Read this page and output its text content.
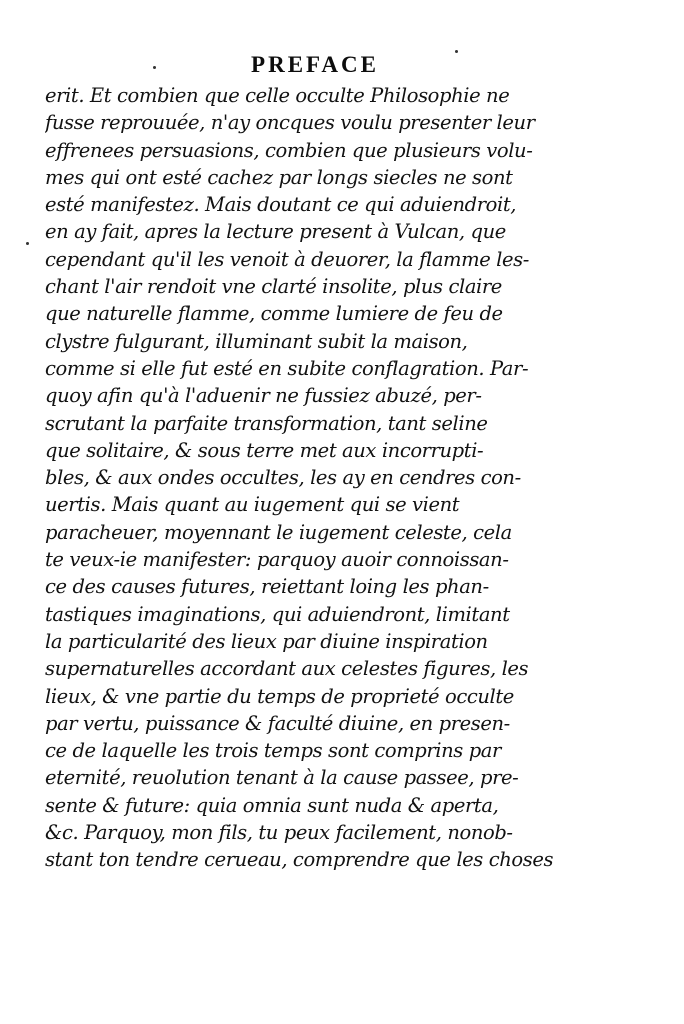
PREFACE
erit. Et combien que celle occulte Philosophie ne
fusse reprouuée, n'ay oncques voulu presenter leur
effrenees persuasions, combien que plusieurs volu-
mes qui ont esté cachez par longs siecles ne sont
esté manifestez. Mais doutant ce qui aduiendroit,
en ay fait, apres la lecture present à Vulcan, que
cependant qu'il les venoit à deuorer, la flamme les-
chant l'air rendoit vne clarté insolite, plus claire
que naturelle flamme, comme lumiere de feu de
clystre fulgurant, illuminant subit la maison,
comme si elle fut esté en subite conflagration. Par-
quoy afin qu'à l'aduenir ne fussiez abuzé, per-
scrutant la parfaite transformation, tant seline
que solitaire, & sous terre met aux incorrupti-
bles, & aux ondes occultes, les ay en cendres con-
uertis. Mais quant au iugement qui se vient
paracheuer, moyennant le iugement celeste, cela
te veux-ie manifester: parquoy auoir connoissan-
ce des causes futures, reiettant loing les phan-
tastiques imaginations, qui aduiendront, limitant
la particularité des lieux par diuine inspiration
supernaturelles accordant aux celestes figures, les
lieux, & vne partie du temps de proprieté occulte
par vertu, puissance & faculté diuine, en presen-
ce de laquelle les trois temps sont comprins par
eternité, reuolution tenant à la cause passee, pre-
sente & future: quia omnia sunt nuda & aperta,
&c. Parquoy, mon fils, tu peux facilement, nonob-
stant ton tendre cerueau, comprendre que les choses
